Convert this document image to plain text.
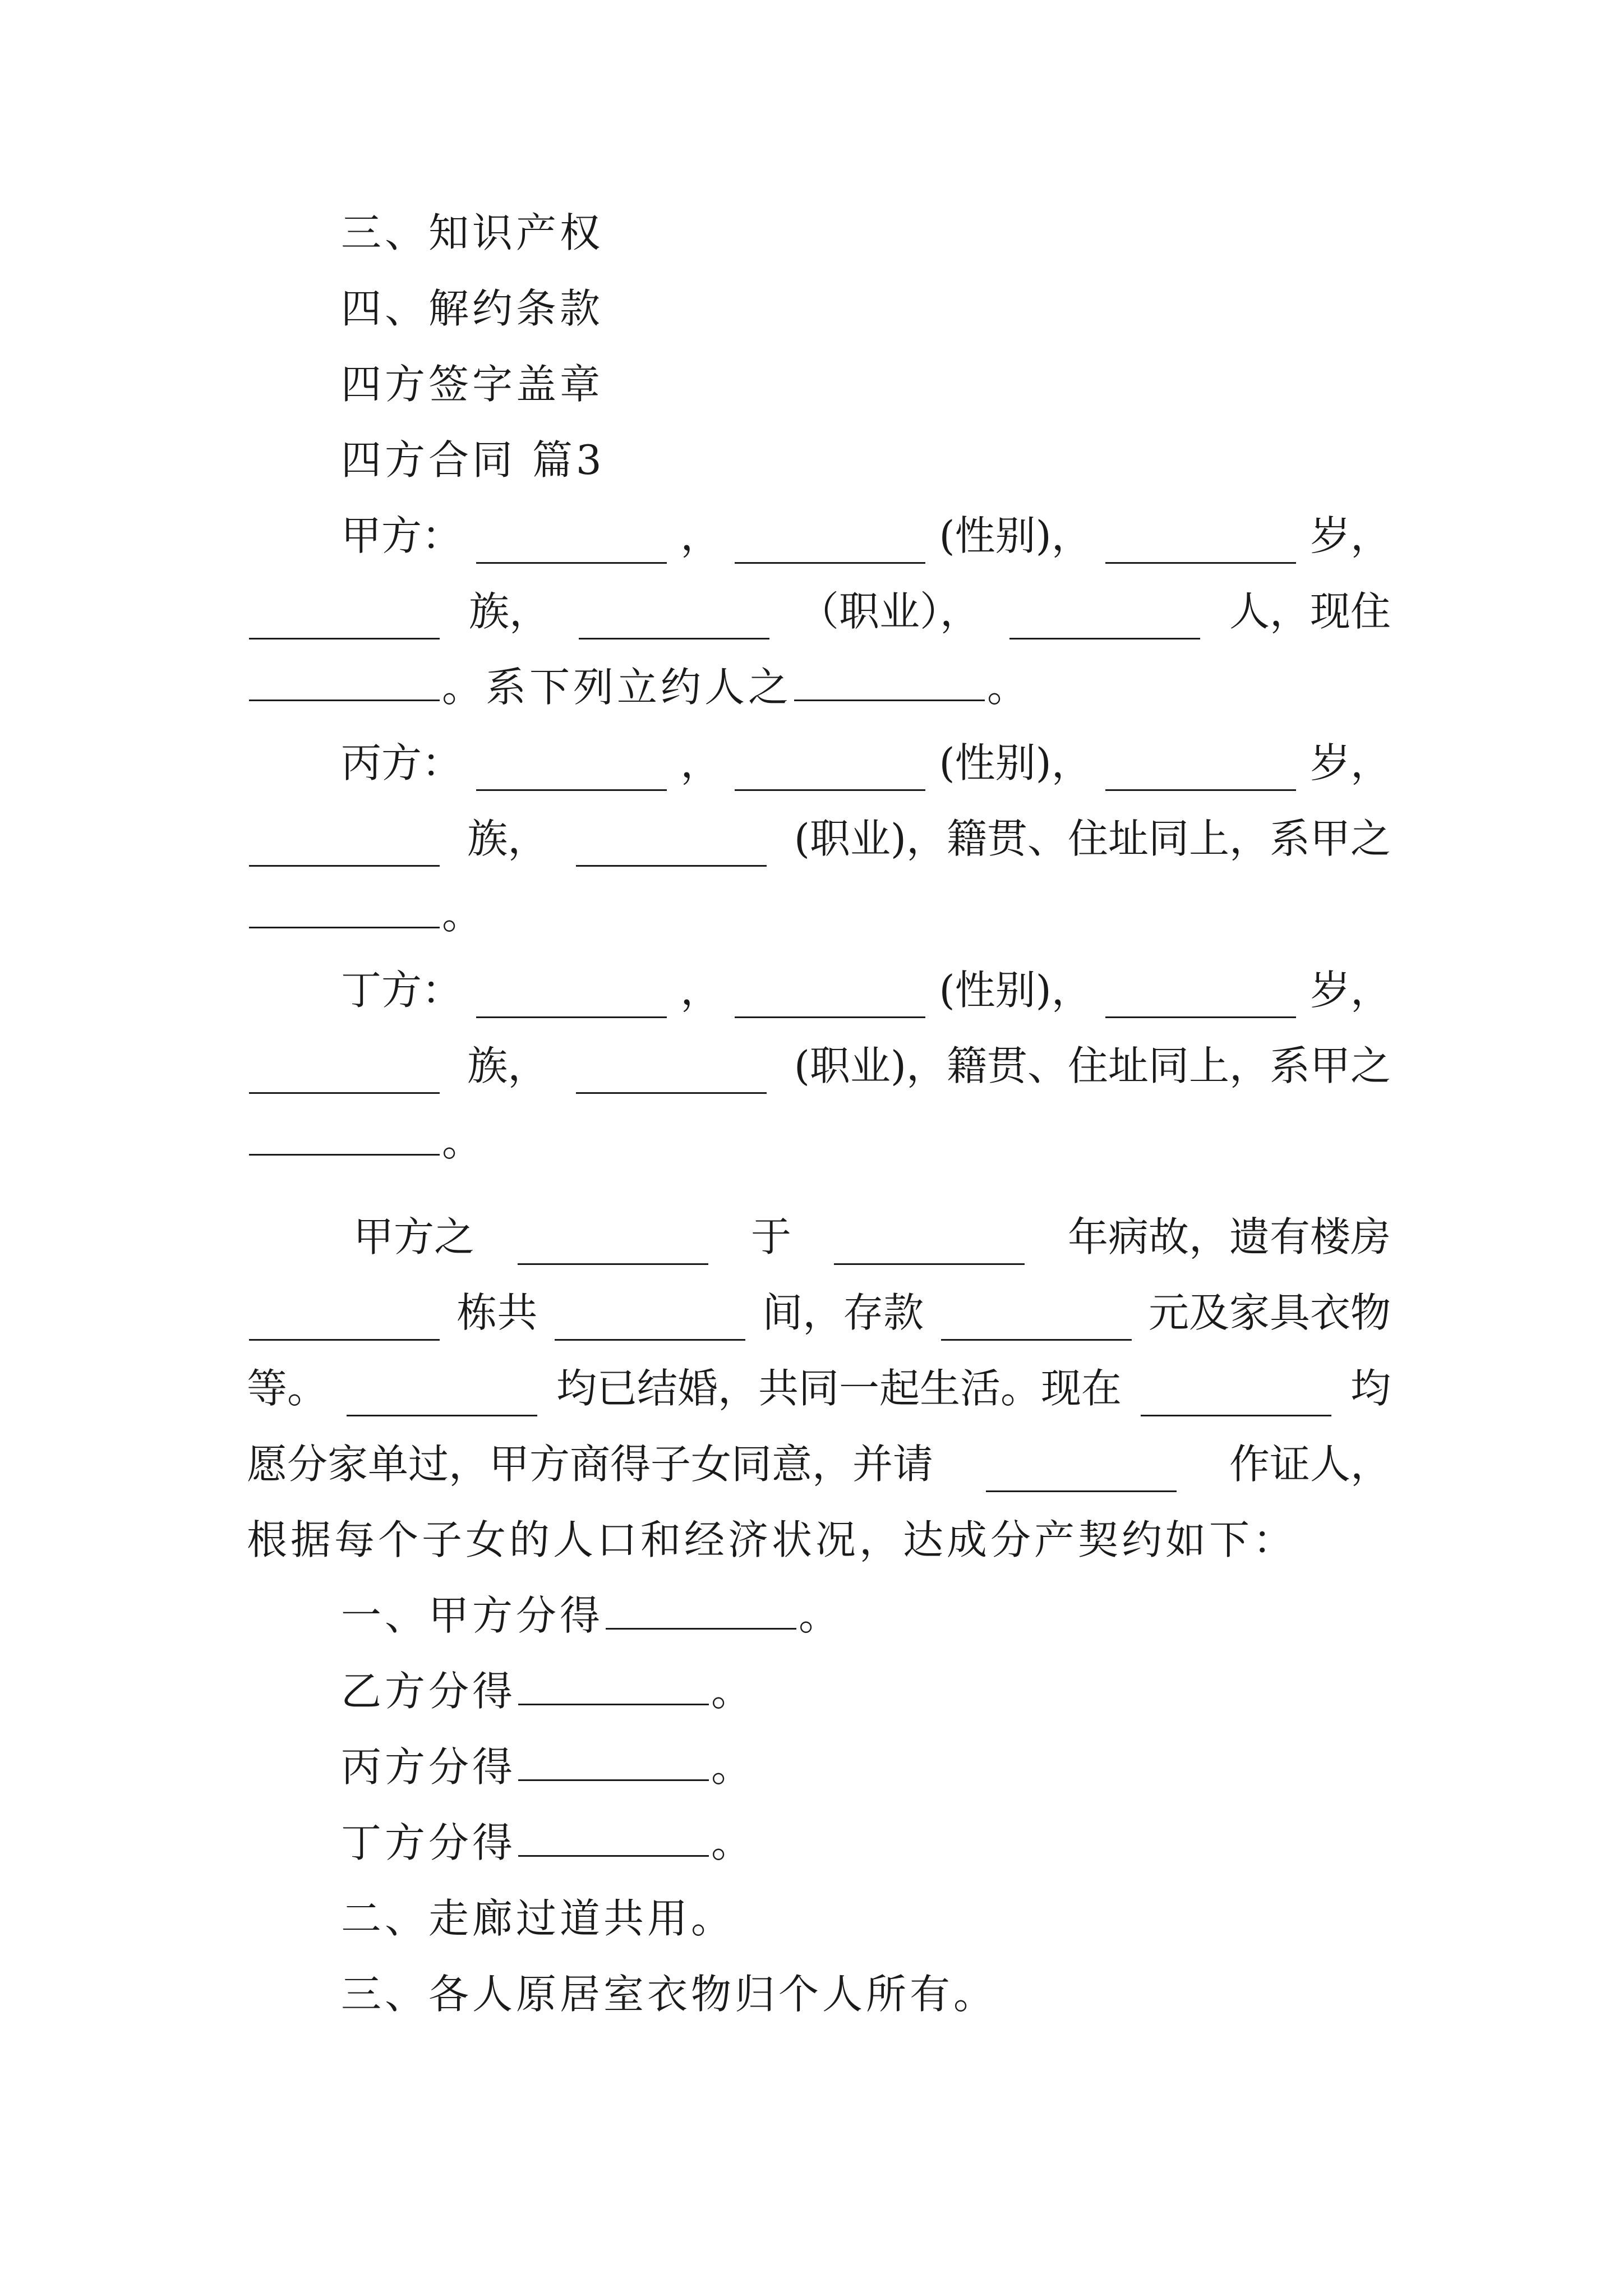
三、知识产权
四、解约条款
四方签字盖章
四方合同 篇3
甲方：	，	(性别)，	岁，
族，	（职业），	人，现住
。系下列立约人之	。
丙方：	，	(性别)，	岁，
族，	(职业)，籍贯、住址同上，系甲之
。
丁方：	，	(性别)，	岁，
族，	(职业)，籍贯、住址同上，系甲之
。
甲方之	于	年病故，遗有楼房
栋共	间，存款	元及家具衣物
等。	均已结婚，共同一起生活。现在	均
愿分家单过，甲方商得子女同意，并请	作证人，
根据每个子女的人口和经济状况，达成分产契约如下：
一、甲方分得	。
乙方分得	。
丙方分得	。
丁方分得	。
二、走廊过道共用。
三、各人原居室衣物归个人所有。
